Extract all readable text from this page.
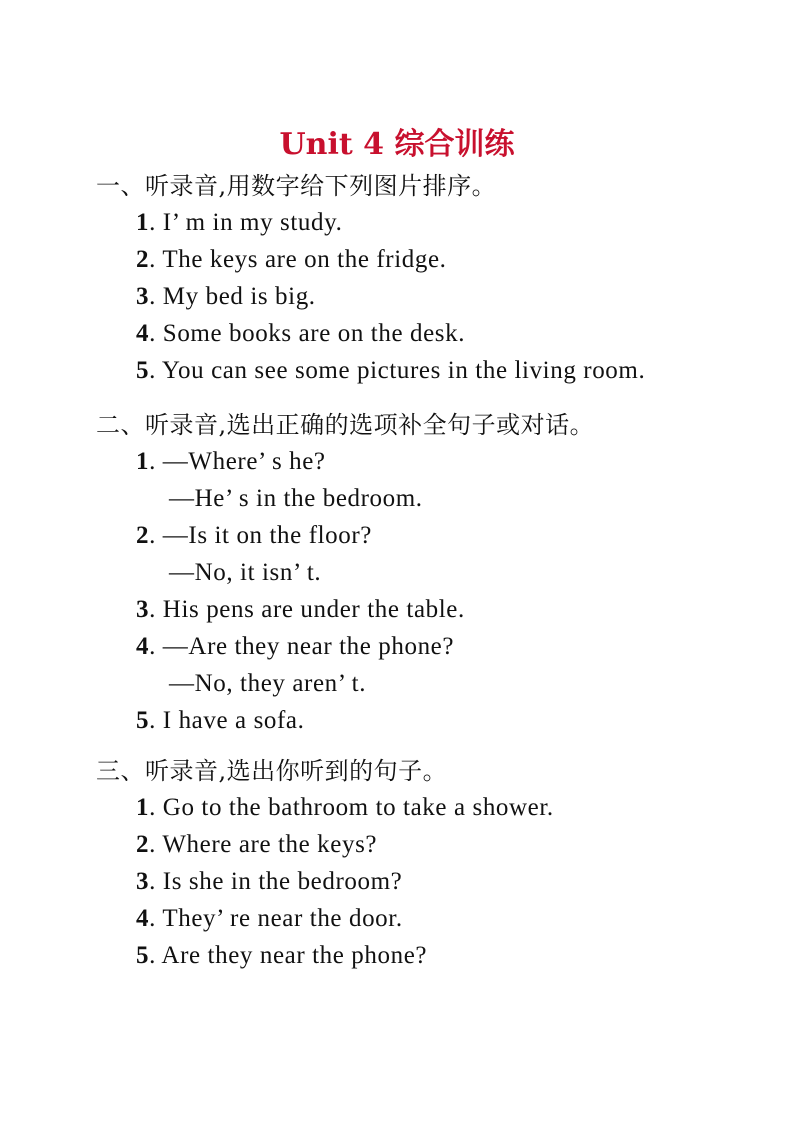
Unit 4 综合训练
一、听录音,用数字给下列图片排序。
1. I’ m in my study.
2. The keys are on the fridge.
3. My bed is big.
4. Some books are on the desk.
5. You can see some pictures in the living room.
二、听录音,选出正确的选项补全句子或对话。
1. —Where’ s he?
—He’ s in the bedroom.
2. —Is it on the floor?
—No, it isn’ t.
3. His pens are under the table.
4. —Are they near the phone?
—No, they aren’ t.
5. I have a sofa.
三、听录音,选出你听到的句子。
1. Go to the bathroom to take a shower.
2. Where are the keys?
3. Is she in the bedroom?
4. They’ re near the door.
5. Are they near the phone?
